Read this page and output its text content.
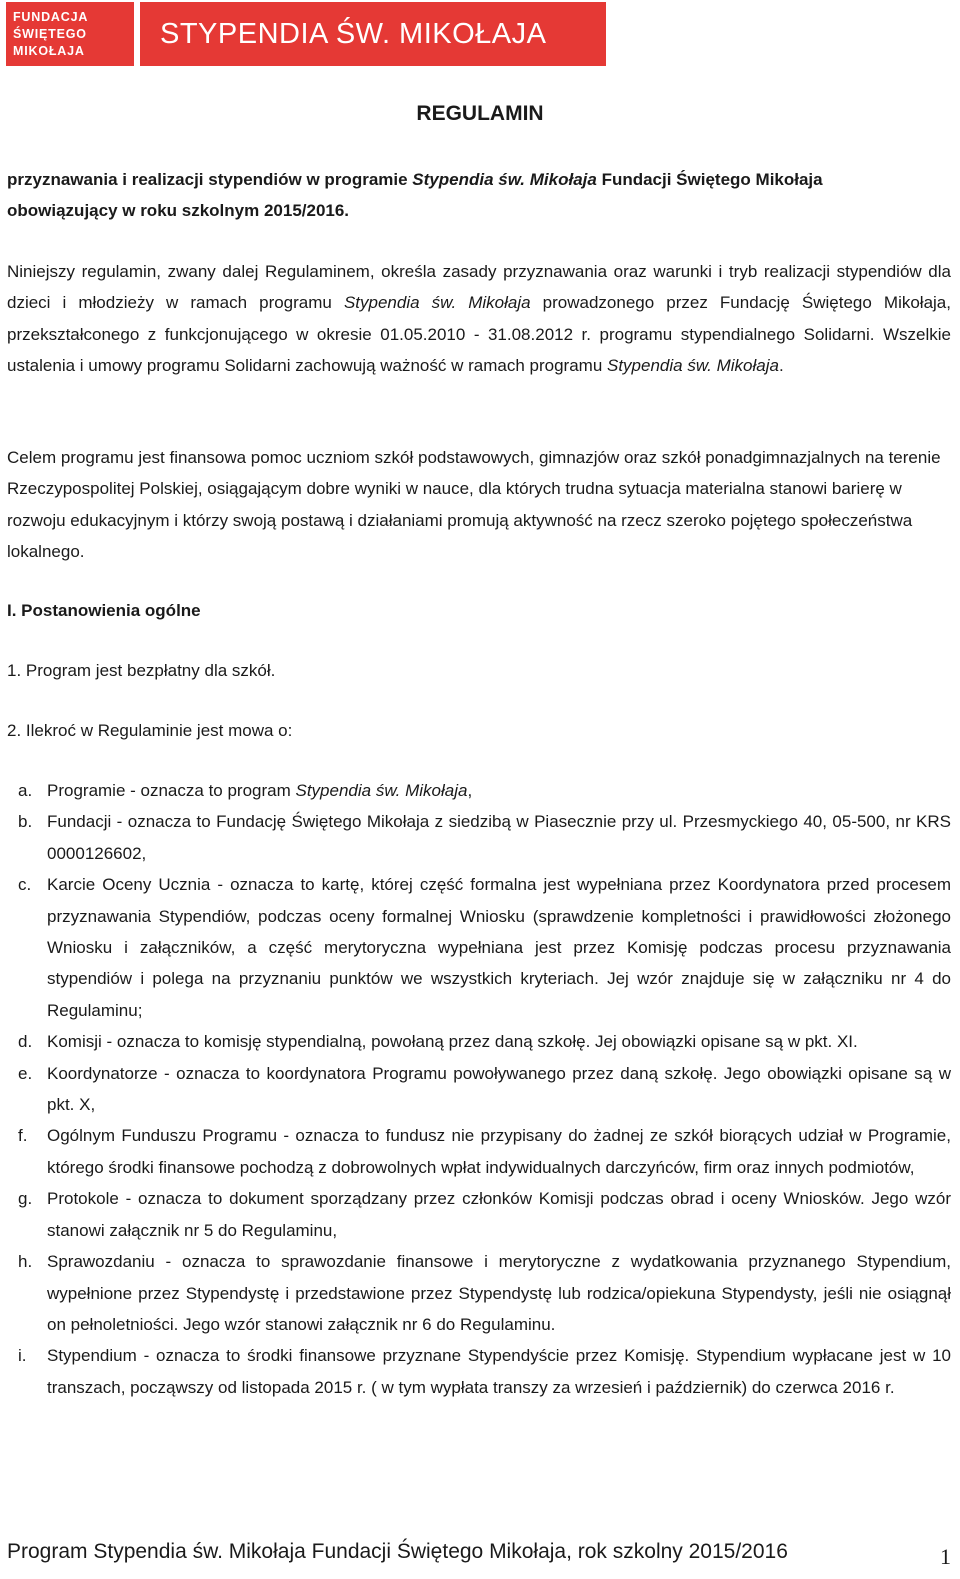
FUNDACJA
ŚWIĘTEGO
MIKOŁAJA
STYPENDIA ŚW. MIKOŁAJA
REGULAMIN

przyznawania i realizacji stypendiów w programie Stypendia św. Mikołaja Fundacji Świętego Mikołaja

obowiązujący w roku szkolnym 2015/2016.

Niniejszy regulamin, zwany dalej Regulaminem, określa zasady przyznawania oraz warunki i tryb realizacji stypendiów dla dzieci i młodzieży w ramach programu Stypendia św. Mikołaja prowadzonego przez Fundację Świętego Mikołaja, przekształconego z funkcjonującego w okresie 01.05.2010 - 31.08.2012 r. programu stypendialnego Solidarni. Wszelkie ustalenia i umowy programu Solidarni zachowują ważność w ramach programu Stypendia św. Mikołaja.

Celem programu jest finansowa pomoc uczniom szkół podstawowych, gimnazjów oraz szkół ponadgimnazjalnych na terenie Rzeczypospolitej Polskiej, osiągającym dobre wyniki w nauce, dla których trudna sytuacja materialna stanowi barierę w rozwoju edukacyjnym i którzy swoją postawą i działaniami promują aktywność na rzecz szeroko pojętego społeczeństwa lokalnego.

I. Postanowienia ogólne

1. Program jest bezpłatny dla szkół.

2. Ilekroć w Regulaminie jest mowa o:

a. Programie - oznacza to program Stypendia św. Mikołaja,
b. Fundacji - oznacza to Fundację Świętego Mikołaja z siedzibą w Piasecznie przy ul. Przesmyckiego 40, 05-500, nr KRS 0000126602,
c. Karcie Oceny Ucznia - oznacza to kartę, której część formalna jest wypełniana przez Koordynatora przed procesem przyznawania Stypendiów, podczas oceny formalnej Wniosku (sprawdzenie kompletności i prawidłowości złożonego Wniosku i załączników, a część merytoryczna wypełniana jest przez Komisję podczas procesu przyznawania stypendiów i polega na przyznaniu punktów we wszystkich kryteriach. Jej wzór znajduje się w załączniku nr 4 do Regulaminu;
d. Komisji - oznacza to komisję stypendialną, powołaną przez daną szkołę. Jej obowiązki opisane są w pkt. XI.
e. Koordynatorze - oznacza to koordynatora Programu powoływanego przez daną szkołę. Jego obowiązki opisane są w pkt. X,
f. Ogólnym Funduszu Programu - oznacza to fundusz nie przypisany do żadnej ze szkół biorących udział w Programie, którego środki finansowe pochodzą z dobrowolnych wpłat indywidualnych darczyńców, firm oraz innych podmiotów,
g. Protokole - oznacza to dokument sporządzany przez członków Komisji podczas obrad i oceny Wniosków. Jego wzór stanowi załącznik nr 5 do Regulaminu,
h. Sprawozdaniu - oznacza to sprawozdanie finansowe i merytoryczne z wydatkowania przyznanego Stypendium, wypełnione przez Stypendystę i przedstawione przez Stypendystę lub rodzica/opiekuna Stypendysty, jeśli nie osiągnął on pełnoletniości. Jego wzór stanowi załącznik nr 6 do Regulaminu.
i. Stypendium - oznacza to środki finansowe przyznane Stypendyście przez Komisję. Stypendium wypłacane jest w 10 transzach, począwszy od listopada 2015 r. ( w tym wypłata transzy za wrzesień i październik) do czerwca 2016 r.
Program Stypendia św. Mikołaja Fundacji Świętego Mikołaja, rok szkolny 2015/2016	1
